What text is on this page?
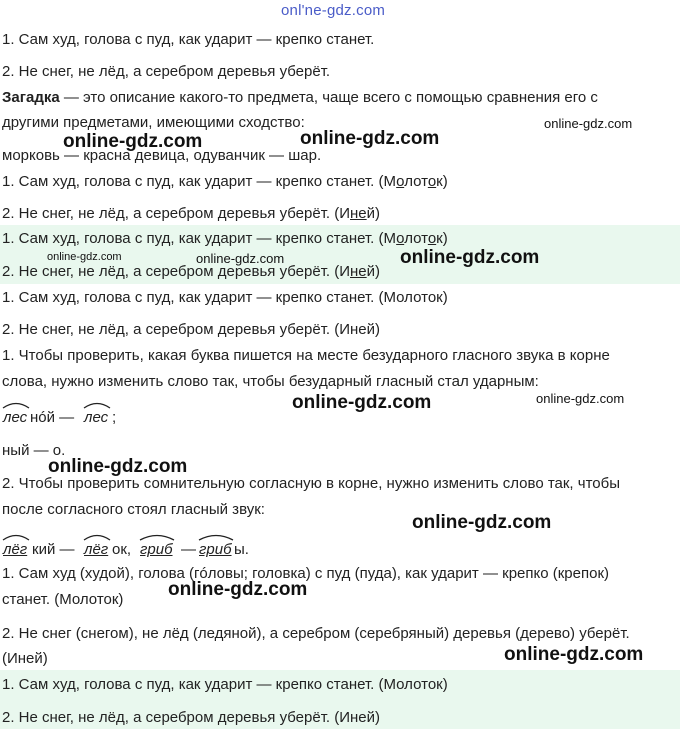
onl'ne-gdz.com
1. Сам худ, голова с пуд, как ударит — крепко станет.
2. Не снег, не лёд, а серебром деревья уберёт.
Загадка — это описание какого-то предмета, чаще всего с помощью сравнения его с
другими предметами, имеющими сходство:
морковь — красна девица, одуванчик — шар.
1. Сам худ, голова с пуд, как ударит — крепко станет. (Молоток)
2. Не снег, не лёд, а серебром деревья уберёт. (Иней)
1. Сам худ, голова с пуд, как ударит — крепко станет. (Молоток)
2. Не снег, не лёд, а серебром деревья уберёт. (Иней)
1. Сам худ, голова с пуд, как ударит — крепко станет. (Молоток)
2. Не снег, не лёд, а серебром деревья уберёт. (Иней)
1. Чтобы проверить, какая буква пишется на месте безударного гласного звука в корне
слова, нужно изменить слово так, чтобы безударный гласный стал ударным:
лес нóй — лес ;
ный — о.
2. Чтобы проверить сомнительную согласную в корне, нужно изменить слово так, чтобы
после согласного стоял гласный звук:
лёг кий — лёг ок, гриб — гриб ы.
1. Сам худ (худой), голова (гóловы; головка) с пуд (пуда), как ударит — крепко (крепок)
станет. (Молоток)
2. Не снег (снегом), не лёд (ледяной), а серебром (серебряный) деревья (дерево) уберёт.
(Иней)
1. Сам худ, голова с пуд, как ударит — крепко станет. (Молоток)
2. Не снег, не лёд, а серебром деревья уберёт. (Иней)
online-gdz.com	online-gdz.com
online-gdz.com
online-gdz.com	online-gdz.com	online-gdz.com
online-gdz.com	online-gdz.com
online-gdz.com
online-gdz.com
online-gdz.com
online-gdz.com
